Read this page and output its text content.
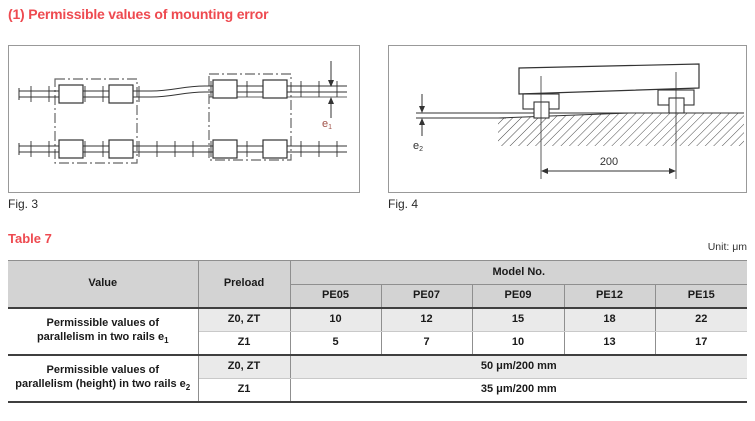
(1) Permissible values of mounting error
e1
200
e2
Fig. 3	Fig. 4
Table 7
Unit: μm
Value	Preload	Model No.				
		PE05	PE07	PE09	PE12	PE15
Permissible values of
parallelism in two rails $e_1$	Z0, ZT	10	12	15	18	22
	Z1	5	7	10	13	17
Permissible values of
parallelism (height) in two rails $e_2$	Z0, ZT	50 μm/200 mm				
	Z1	35 μm/200 mm				
